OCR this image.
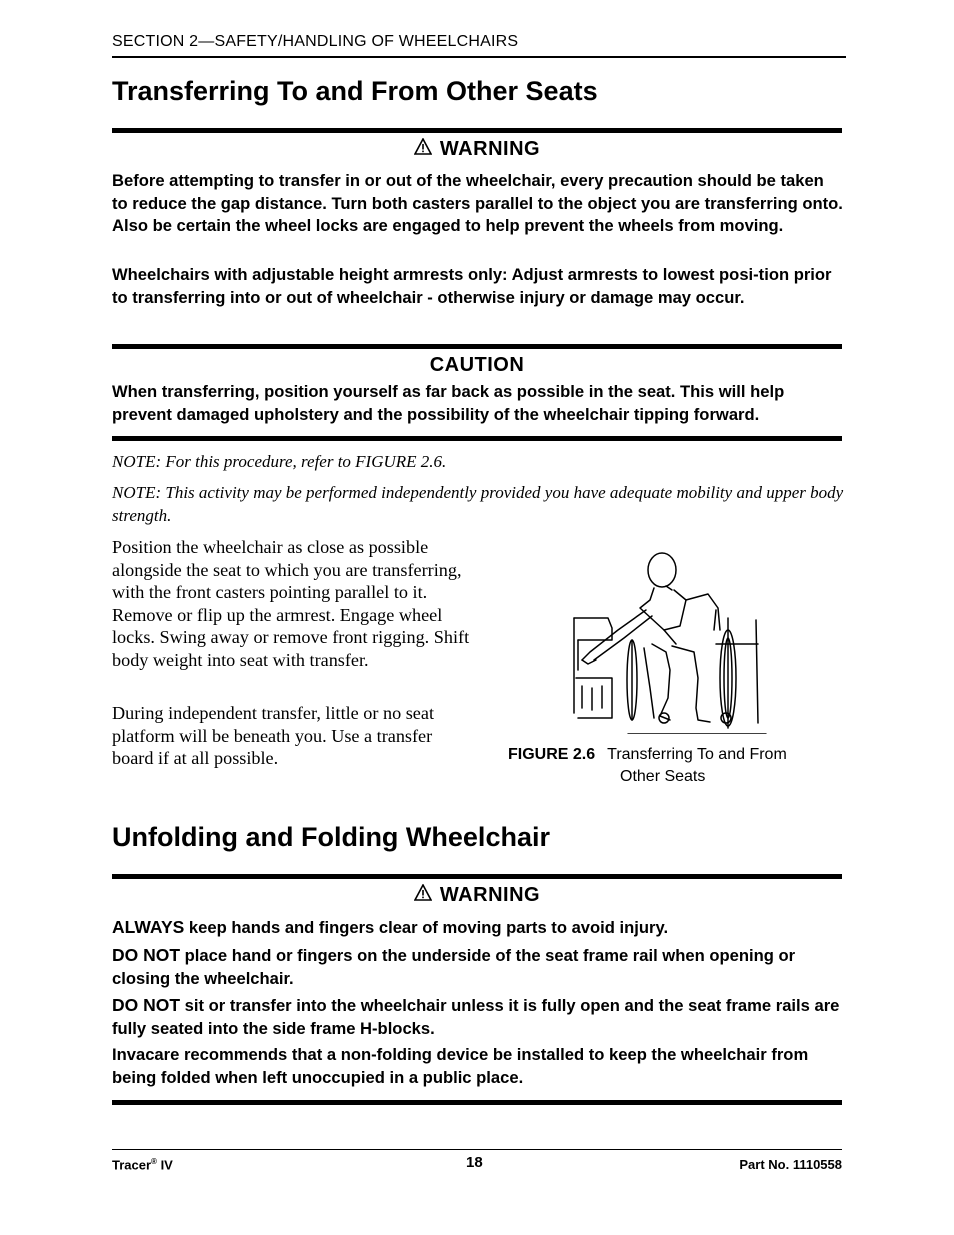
SECTION 2—SAFETY/HANDLING OF WHEELCHAIRS
Transferring To and From Other Seats
WARNING

Before attempting to transfer in or out of the wheelchair, every precaution should be taken to reduce the gap distance. Turn both casters parallel to the object you are transferring onto. Also be certain the wheel locks are engaged to help prevent the wheels from moving.

Wheelchairs with adjustable height armrests only: Adjust armrests to lowest posi-tion prior to transferring into or out of wheelchair - otherwise injury or damage may occur.

CAUTION

When transferring, position yourself as far back as possible in the seat. This will help prevent damaged upholstery and the possibility of the wheelchair tipping forward.

NOTE: For this procedure, refer to FIGURE 2.6.

NOTE: This activity may be performed independently provided you have adequate mobility and upper body strength.

Position the wheelchair as close as possible alongside the seat to which you are transferring, with the front casters pointing parallel to it. Remove or flip up the armrest. Engage wheel locks. Swing away or remove front rigging. Shift body weight into seat with transfer.

During independent transfer, little or no seat platform will be beneath you. Use a transfer board if at all possible.	FIGURE 2.6 Transferring To and From
Other Seats
Unfolding and Folding Wheelchair
WARNING

ALWAYS keep hands and fingers clear of moving parts to avoid injury.

DO NOT place hand or fingers on the underside of the seat frame rail when opening or closing the wheelchair.

DO NOT sit or transfer into the wheelchair unless it is fully open and the seat frame rails are fully seated into the side frame H-blocks.

Invacare recommends that a non-folding device be installed to keep the wheelchair from being folded when left unoccupied in a public place.

Tracer® IV	18	Part No. 1110558
